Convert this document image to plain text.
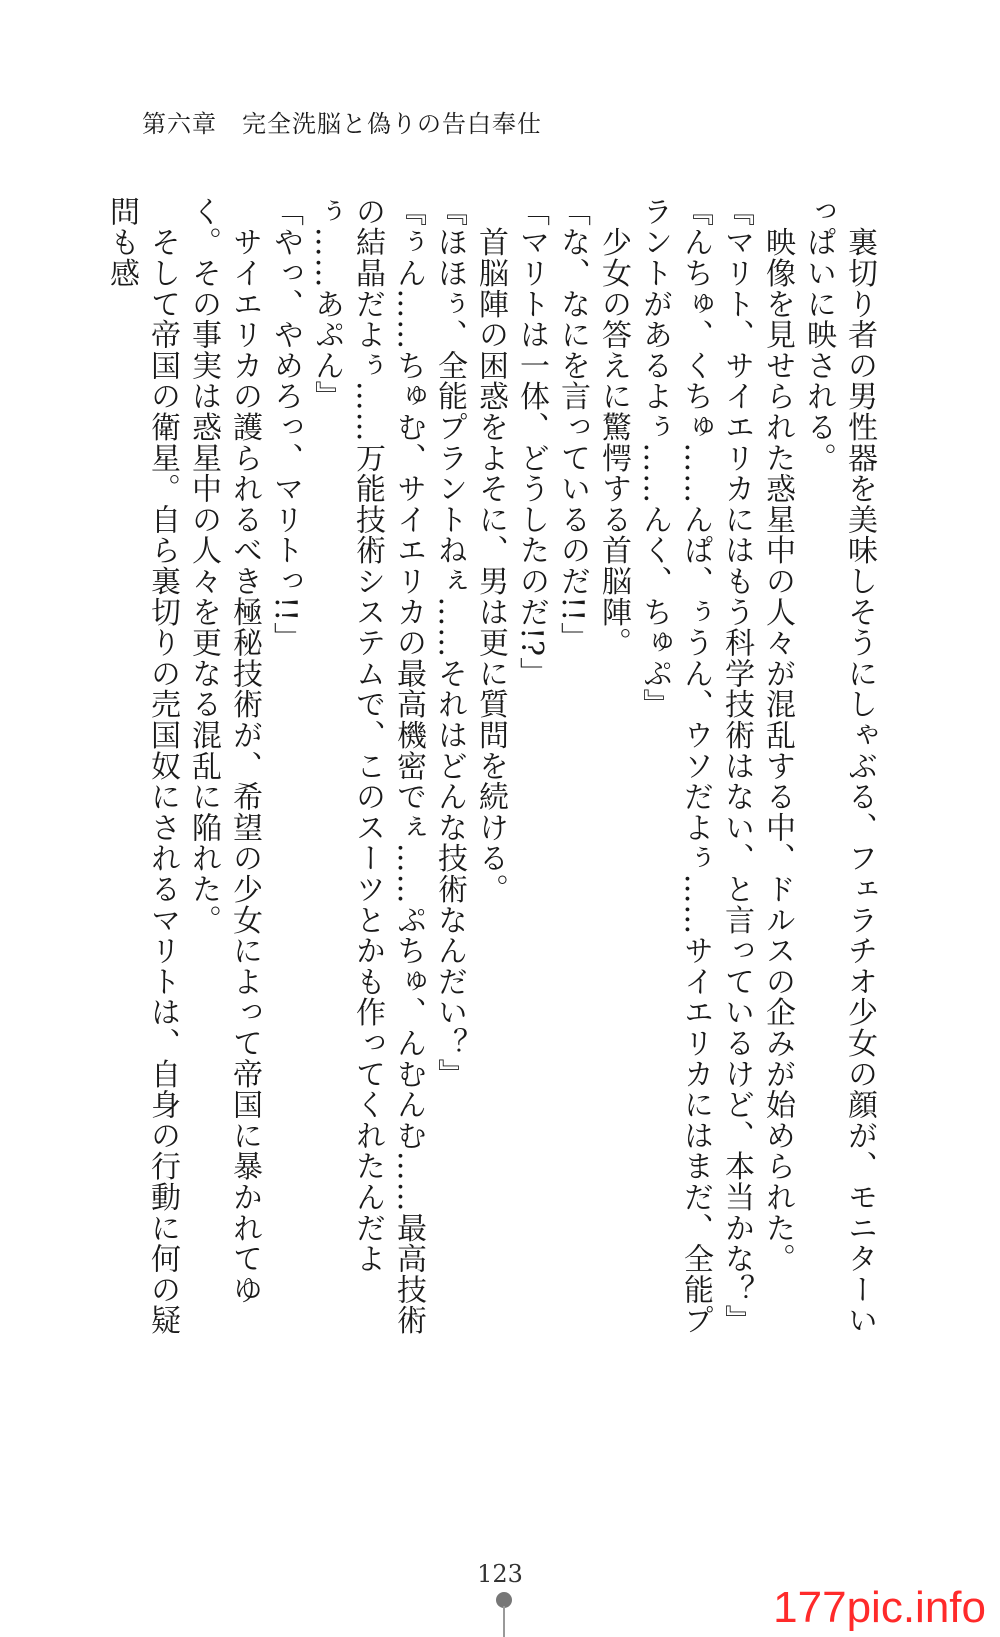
第六章　完全洗脳と偽りの告白奉仕

　裏切り者の男性器を美味しそうにしゃぶる、フェラチオ少女の顔が、モニターいっぱいに映される。

　映像を見せられた惑星中の人々が混乱する中、ドルスの企みが始められた。

『マリト、サイエリカにはもう科学技術はない、と言っているけど、本当かな？』

『んちゅ、くちゅ……んぱ、ぅうん、ウソだよぅ……サイエリカにはまだ、全能プラントがあるよぅ……んく、ちゅぷ』

　少女の答えに驚愕する首脳陣。

「な、なにを言っているのだ!!」

「マリトは一体、どうしたのだ!?」

　首脳陣の困惑をよそに、男は更に質問を続ける。

『ほほぅ、全能プラントねぇ……それはどんな技術なんだい？』

『ぅん……ちゅむ、サイエリカの最高機密でぇ……ぷちゅ、んむんむ……最高技術の結晶だよぅ……万能技術システムで、このスーツとかも作ってくれたんだよぅ……あぷん』

「やっ、やめろっ、マリトっ!!」

　サイエリカの護られるべき極秘技術が、希望の少女によって帝国に暴かれてゆく。その事実は惑星中の人々を更なる混乱に陥れた。

　そして帝国の衛星。自ら裏切りの売国奴にされるマリトは、自身の行動に何の疑問も感

123
177pic.info
